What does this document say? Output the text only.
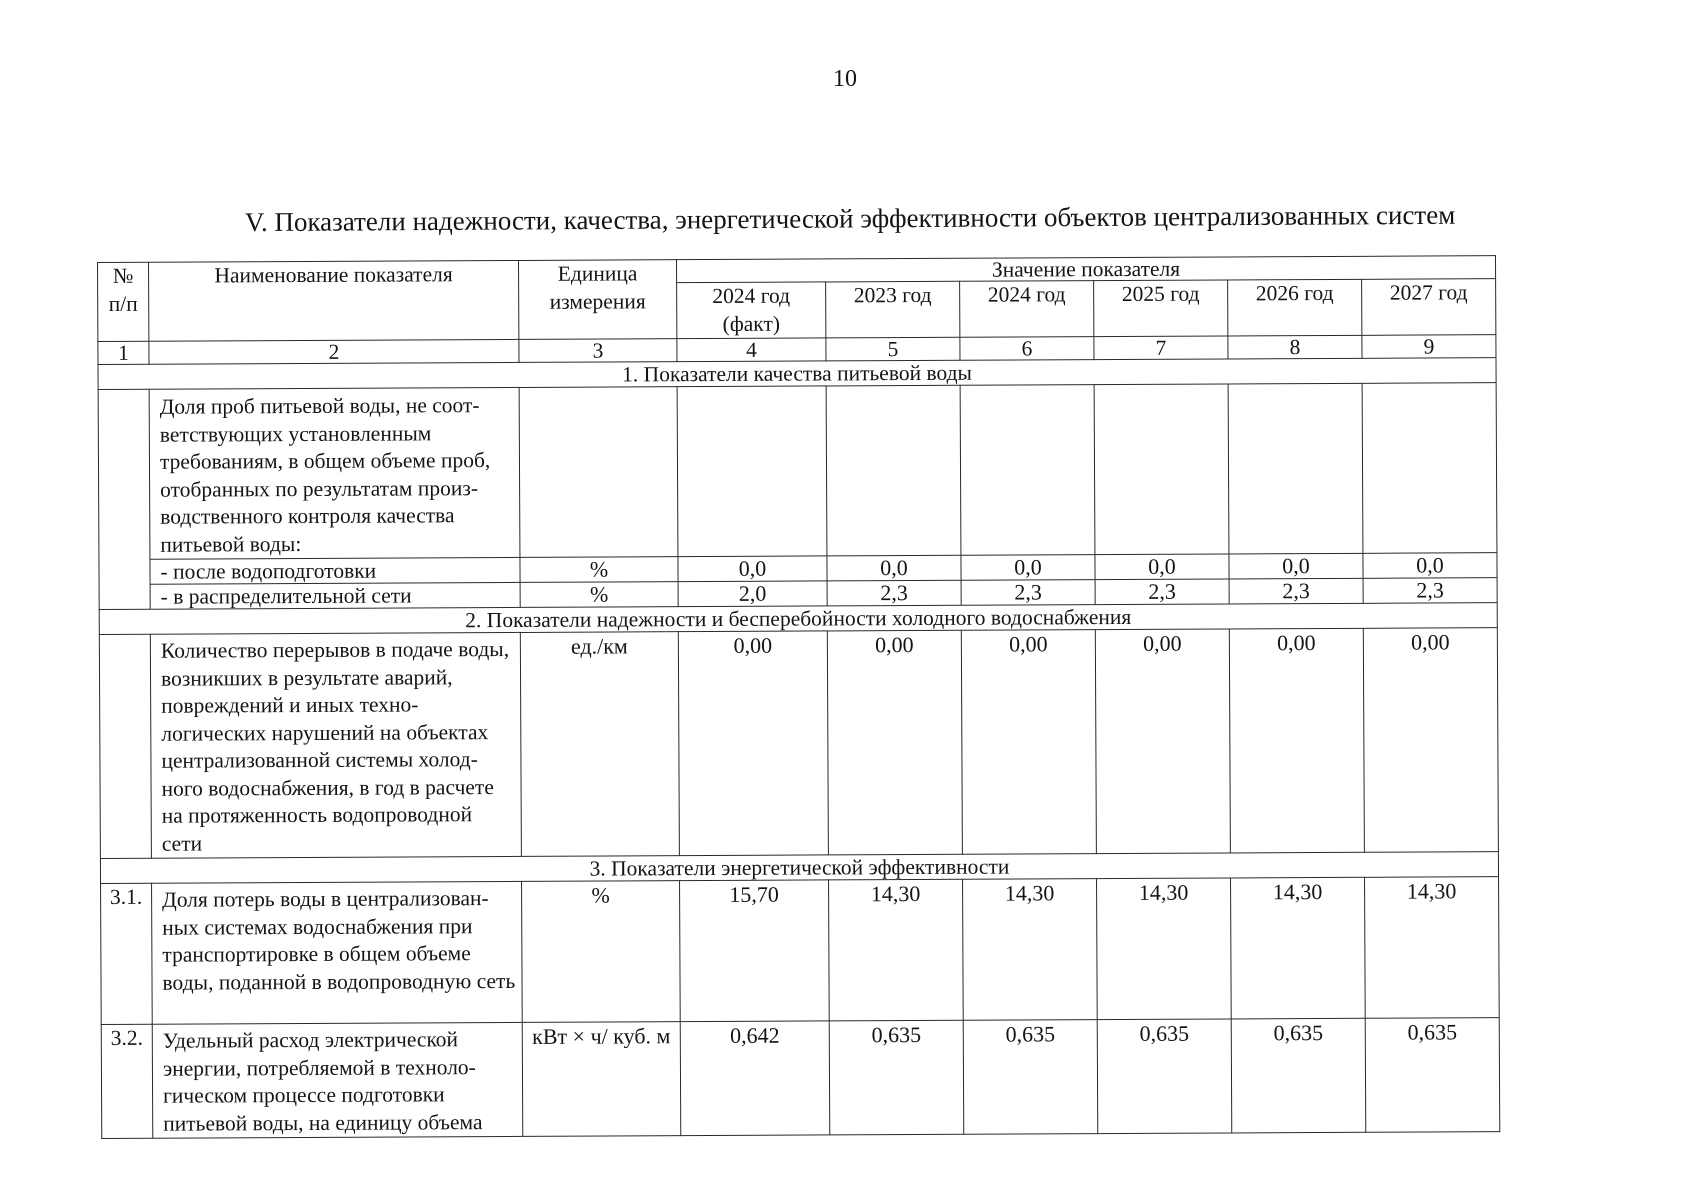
10
V. Показатели надежности, качества, энергетической эффективности объектов централизованных систем
№ п/п	Наименование показателя	Единица измерения	Значение показателя					
			2024 год (факт)	2023 год	2024 год	2025 год	2026 год	2027 год
1	2	3	4	5	6	7	8	9
1. Показатели качества питьевой воды								
	Доля проб питьевой воды, не соот-ветствующих установленным требованиям, в общем объеме проб, отобранных по результатам произ-водственного контроля качества питьевой воды:							
	- после водоподготовки	%	0,0	0,0	0,0	0,0	0,0	0,0
	- в распределительной сети	%	2,0	2,3	2,3	2,3	2,3	2,3
2. Показатели надежности и бесперебойности холодного водоснабжения								
	Количество перерывов в подаче воды, возникших в результате аварий, повреждений и иных техно-логических нарушений на объектах централизованной системы холод-ного водоснабжения, в год в расчете на протяженность водопроводной сети	ед./км	0,00	0,00	0,00	0,00	0,00	0,00
3. Показатели энергетической эффективности								
3.1.	Доля потерь воды в централизован-ных системах водоснабжения при транспортировке в общем объеме воды, поданной в водопроводную сеть	%	15,70	14,30	14,30	14,30	14,30	14,30
3.2.	Удельный расход электрической энергии, потребляемой в техноло-гическом процессе подготовки питьевой воды, на единицу объема	кВт × ч/ куб. м	0,642	0,635	0,635	0,635	0,635	0,635
